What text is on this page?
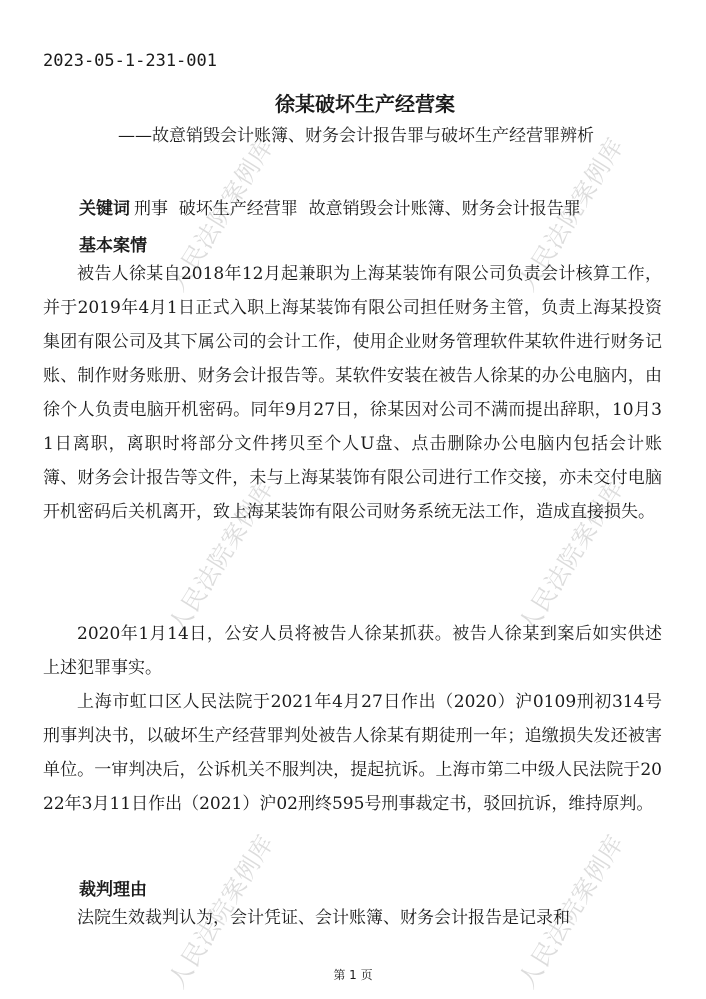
人民法院案例库	人民法院案例库
人民法院案例库	人民法院案例库
人民法院案例库	人民法院案例库
2023-05-1-231-001
徐某破坏生产经营案
——故意销毁会计账簿、财务会计报告罪与破坏生产经营罪辨析
关键词 刑事  破坏生产经营罪  故意销毁会计账簿、财务会计报告罪
基本案情

被告人徐某自2018年12月起兼职为上海某装饰有限公司负责会计核算工作，并于2019年4月1日正式入职上海某装饰有限公司担任财务主管，负责上海某投资集团有限公司及其下属公司的会计工作，使用企业财务管理软件某软件进行财务记账、制作财务账册、财务会计报告等。某软件安装在被告人徐某的办公电脑内，由徐个人负责电脑开机密码。同年9月27日，徐某因对公司不满而提出辞职，10月31日离职，离职时将部分文件拷贝至个人U盘、点击删除办公电脑内包括会计账簿、财务会计报告等文件，未与上海某装饰有限公司进行工作交接，亦未交付电脑开机密码后关机离开，致上海某装饰有限公司财务系统无法工作，造成直接损失。

2020年1月14日，公安人员将被告人徐某抓获。被告人徐某到案后如实供述上述犯罪事实。

上海市虹口区人民法院于2021年4月27日作出（2020）沪0109刑初314号刑事判决书，以破坏生产经营罪判处被告人徐某有期徒刑一年；追缴损失发还被害单位。一审判决后，公诉机关不服判决，提起抗诉。上海市第二中级人民法院于2022年3月11日作出（2021）沪02刑终595号刑事裁定书，驳回抗诉，维持原判。

裁判理由

法院生效裁判认为，会计凭证、会计账簿、财务会计报告是记录和

第 1 页
